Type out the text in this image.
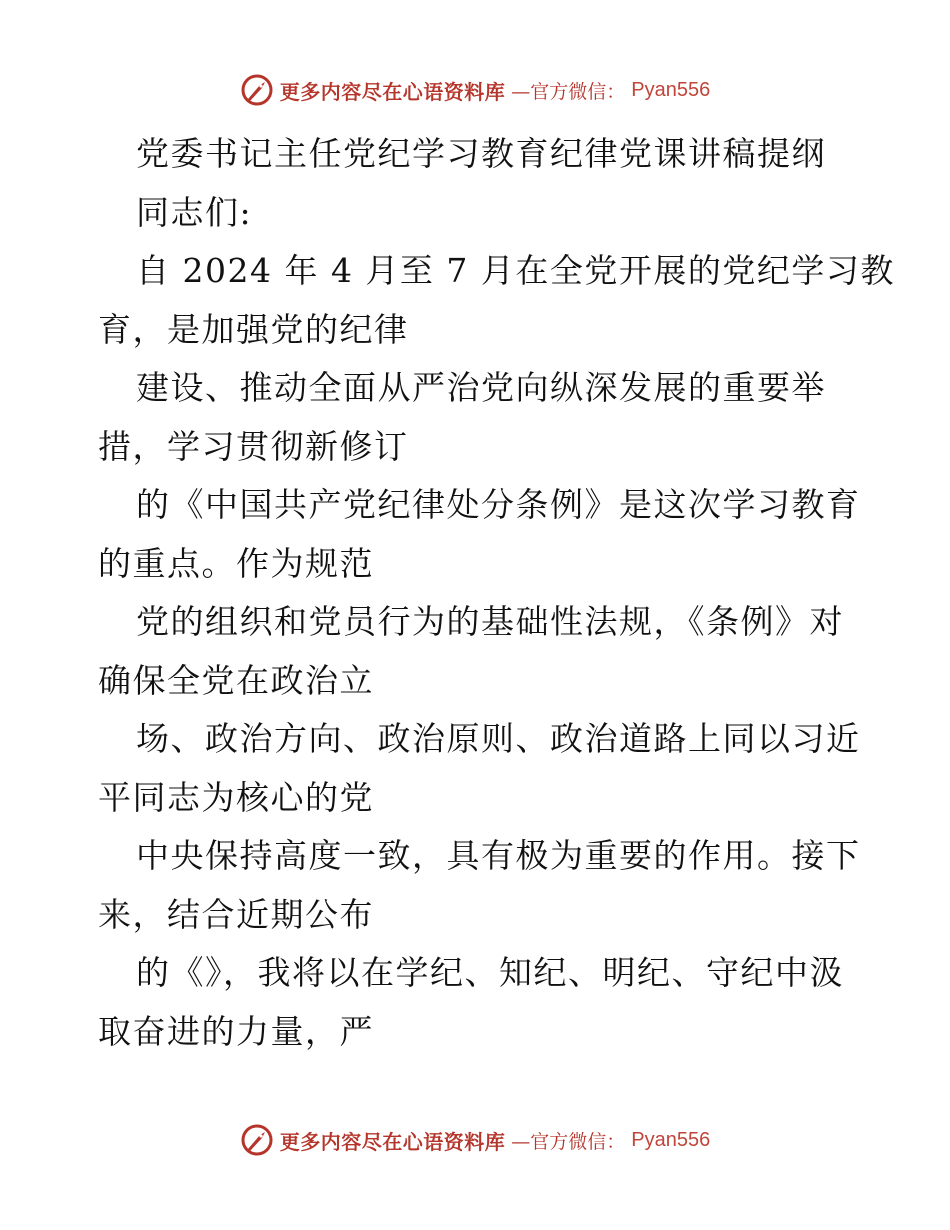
更多内容尽在心语资料库 —官方微信： Pyan556
党委书记主任党纪学习教育纪律党课讲稿提纲
同志们:
自 2024 年 4 月至 7 月在全党开展的党纪学习教
育，是加强党的纪律
建设、推动全面从严治党向纵深发展的重要举
措，学习贯彻新修订
的《中国共产党纪律处分条例》是这次学习教育
的重点。作为规范
党的组织和党员行为的基础性法规，《条例》对
确保全党在政治立
场、政治方向、政治原则、政治道路上同以习近
平同志为核心的党
中央保持高度一致，具有极为重要的作用。接下
来，结合近期公布
的《》，我将以在学纪、知纪、明纪、守纪中汲
取奋进的力量，严
更多内容尽在心语资料库 —官方微信： Pyan556
